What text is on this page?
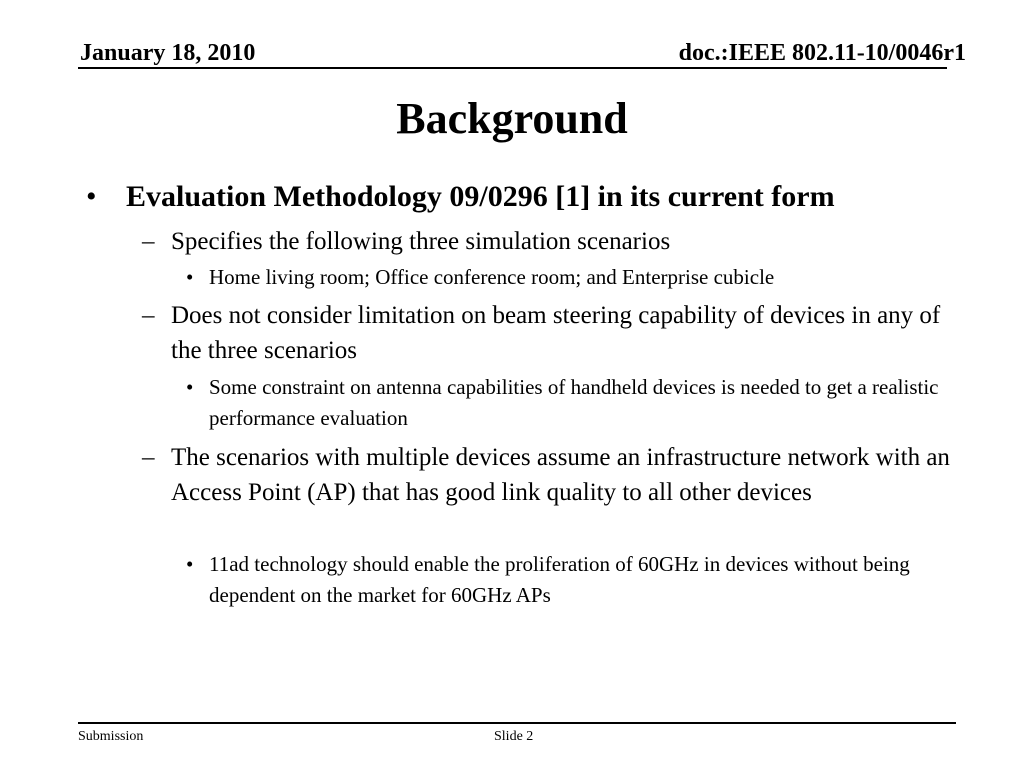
January 18, 2010	doc.:IEEE 802.11-10/0046r1
Background
• Evaluation Methodology 09/0296 [1] in its current form
– Specifies the following three simulation scenarios
• Home living room; Office conference room; and Enterprise cubicle
– Does not consider limitation on beam steering capability of devices in any of the three scenarios
• Some constraint on antenna capabilities of handheld devices is needed to get a realistic performance evaluation
– The scenarios with multiple devices assume an infrastructure network with an Access Point (AP) that has good link quality to all other devices
• 11ad technology should enable the proliferation of 60GHz in devices without being dependent on the market for 60GHz APs
Submission	Slide 2
